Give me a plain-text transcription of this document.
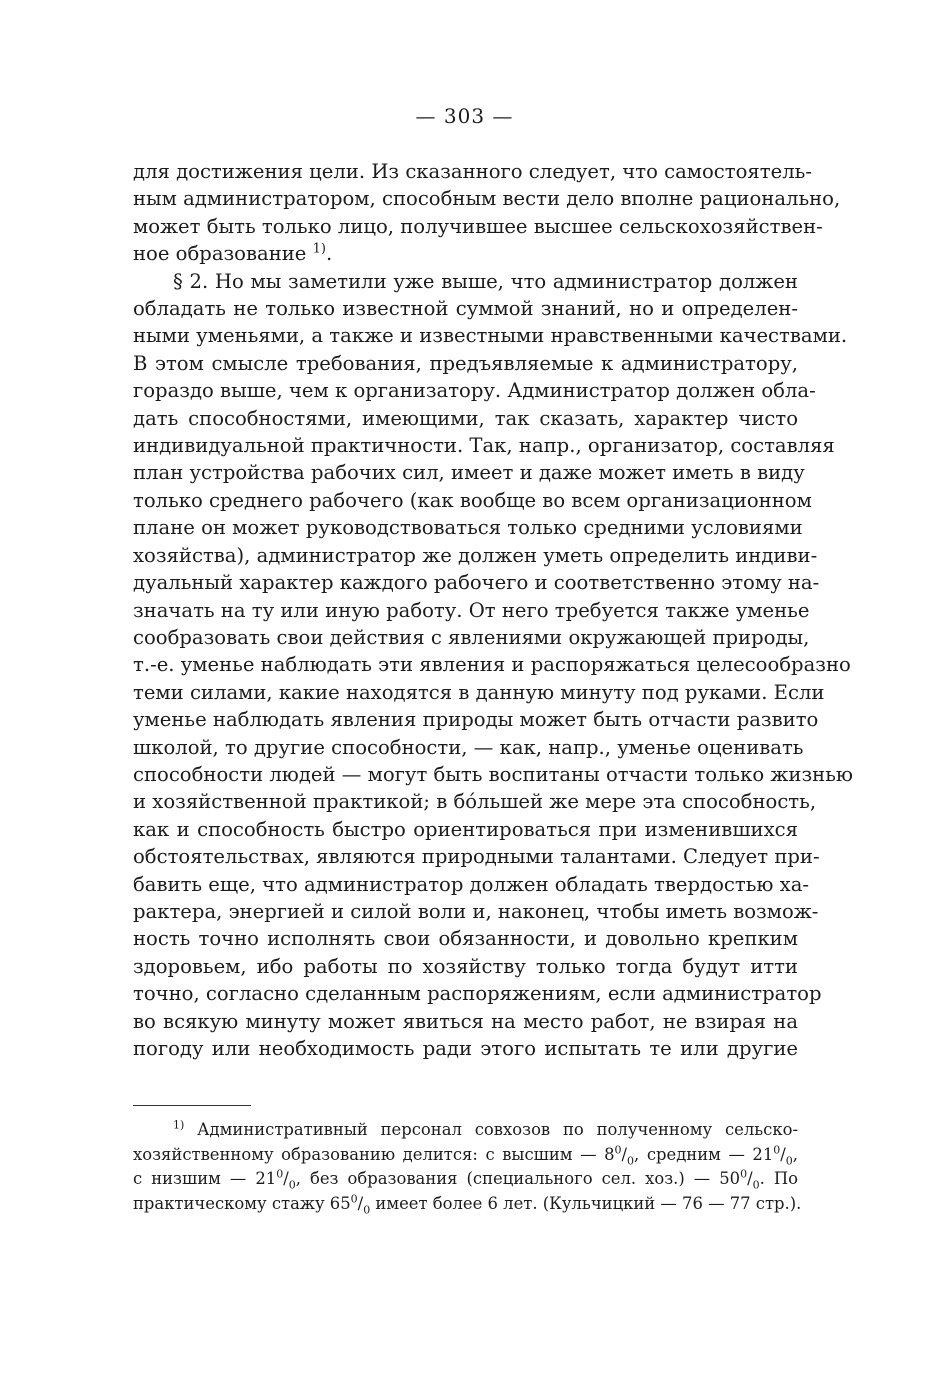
— 303 —
для достижения цели. Из сказанного следует, что самостоятель-
ным администратором, способным вести дело вполне рационально,
может быть только лицо, получившее высшее сельскохозяйствен-
ное образование $^{1)}$.
§ 2. Но мы заметили уже выше, что администратор должен
обладать не только известной суммой знаний, но и определен-
ными уменьями, а также и известными нравственными качествами.
В этом смысле требования, предъявляемые к администратору,
гораздо выше, чем к организатору. Администратор должен обла-
дать способностями, имеющими, так сказать, характер чисто
индивидуальной практичности. Так, напр., организатор, составляя
план устройства рабочих сил, имеет и даже может иметь в виду
только среднего рабочего (как вообще во всем организационном
плане он может руководствоваться только средними условиями
хозяйства), администратор же должен уметь определить индиви-
дуальный характер каждого рабочего и соответственно этому на-
значать на ту или иную работу. От него требуется также уменье
сообразовать свои действия с явлениями окружающей природы,
т.-е. уменье наблюдать эти явления и распоряжаться целесообразно
теми силами, какие находятся в данную минуту под руками. Если
уменье наблюдать явления природы может быть отчасти развито
школой, то другие способности, — как, напр., уменье оценивать
способности людей — могут быть воспитаны отчасти только жизнью
и хозяйственной практикой; в бо́льшей же мере эта способность,
как и способность быстро ориентироваться при изменившихся
обстоятельствах, являются природными талантами. Следует при-
бавить еще, что администратор должен обладать твердостью ха-
рактера, энергией и силой воли и, наконец, чтобы иметь возмож-
ность точно исполнять свои обязанности, и довольно крепким
здоровьем, ибо работы по хозяйству только тогда будут итти
точно, согласно сделанным распоряжениям, если администратор
во всякую минуту может явиться на место работ, не взирая на
погоду или необходимость ради этого испытать те или другие
$^{1)}$ Административный персонал совхозов по полученному сельско-
хозяйственному образованию делится: с высшим — $8^0/_0$, средним — $21^0/_0$,
с низшим — $21^0/_0$, без образования (специального сел. хоз.) — $50^0/_0$. По
практическому стажу $65^0/_0$ имеет более 6 лет. (Кульчицкий — 76 — 77 стр.).
